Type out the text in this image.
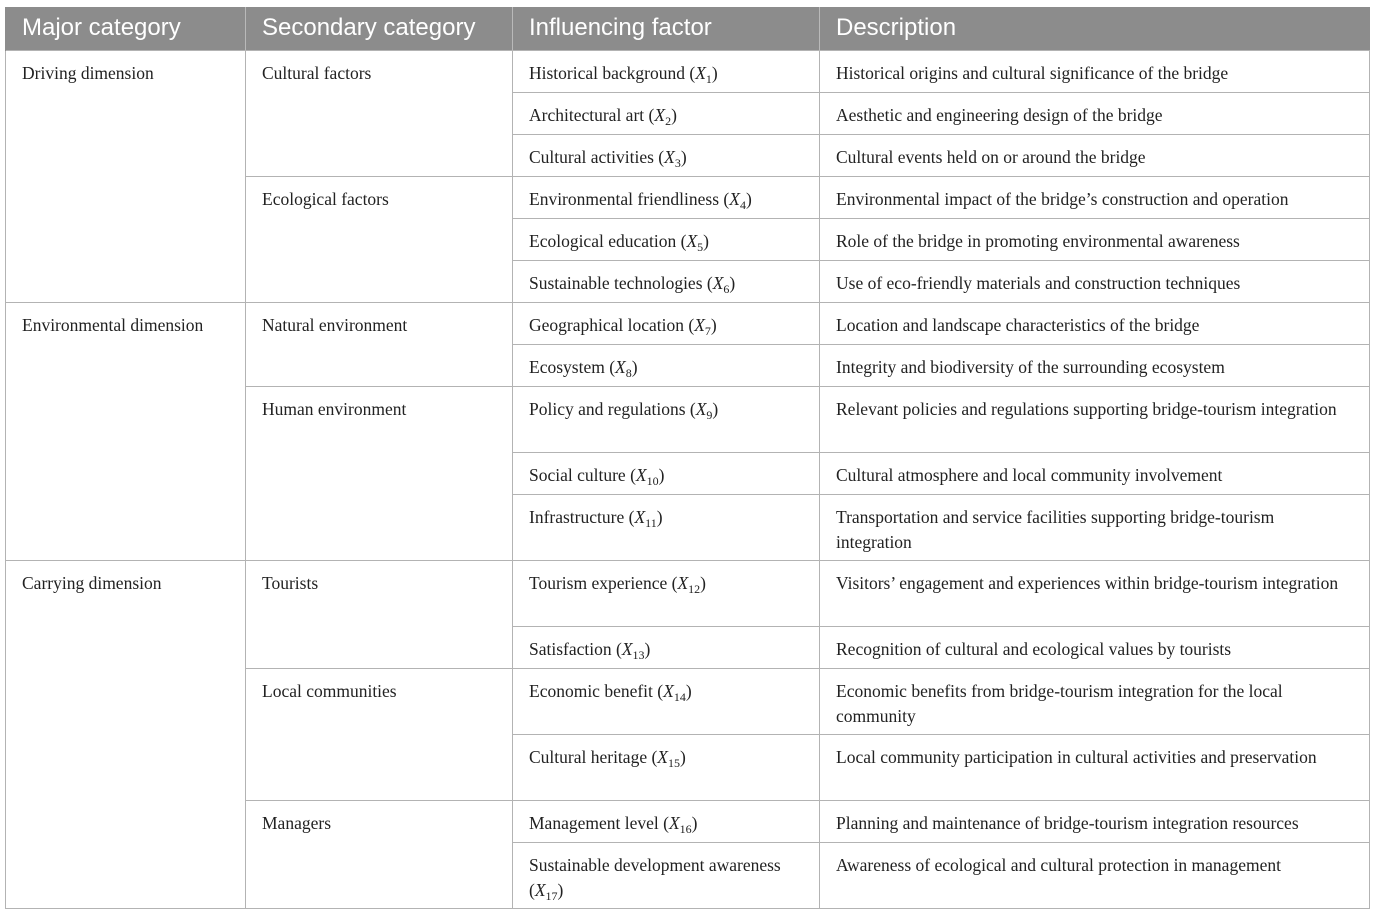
Major category	Secondary category	Influencing factor	Description
Driving dimension	Cultural factors	Historical background $(X_1)$	Historical origins and cultural significance of the bridge
		Architectural art $(X_2)$	Aesthetic and engineering design of the bridge
		Cultural activities $(X_3)$	Cultural events held on or around the bridge
	Ecological factors	Environmental friendliness $(X_4)$	Environmental impact of the bridge’s construction and operation
		Ecological education $(X_5)$	Role of the bridge in promoting environmental awareness
		Sustainable technologies $(X_6)$	Use of eco-friendly materials and construction techniques
Environmental dimension	Natural environment	Geographical location $(X_7)$	Location and landscape characteristics of the bridge
		Ecosystem $(X_8)$	Integrity and biodiversity of the surrounding ecosystem
	Human environment	Policy and regulations $(X_9)$	Relevant policies and regulations supporting bridge-tourism integration
		Social culture $(X_{10})$	Cultural atmosphere and local community involvement
		Infrastructure $(X_{11})$	Transportation and service facilities supporting bridge-tourism integration
Carrying dimension	Tourists	Tourism experience $(X_{12})$	Visitors’ engagement and experiences within bridge-tourism integration
		Satisfaction $(X_{13})$	Recognition of cultural and ecological values by tourists
	Local communities	Economic benefit $(X_{14})$	Economic benefits from bridge-tourism integration for the local community
		Cultural heritage $(X_{15})$	Local community participation in cultural activities and preservation
	Managers	Management level $(X_{16})$	Planning and maintenance of bridge-tourism integration resources
		Sustainable development awareness $(X_{17})$	Awareness of ecological and cultural protection in management
